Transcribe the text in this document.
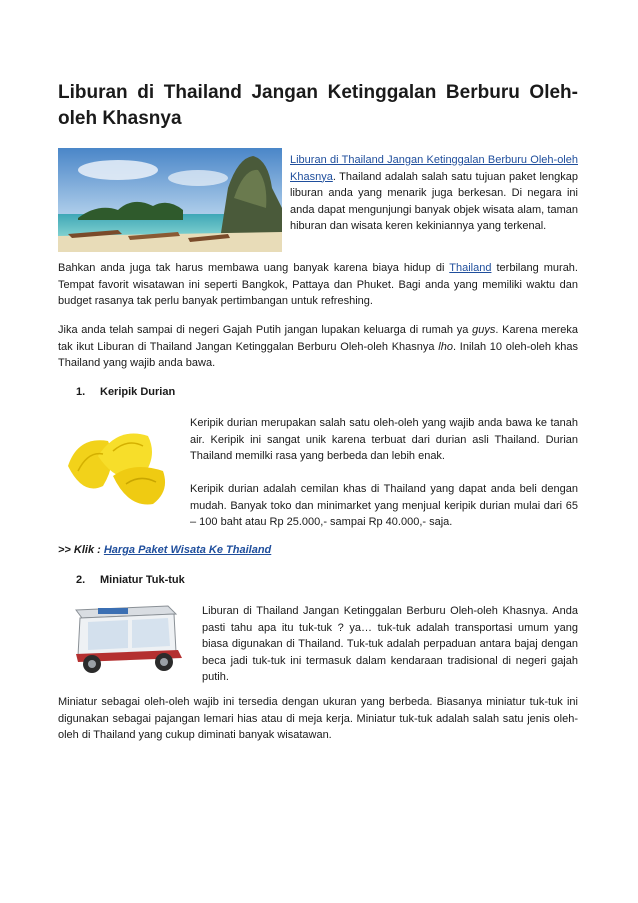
Liburan di Thailand Jangan Ketinggalan Berburu Oleh-oleh Khasnya

Liburan di Thailand Jangan Ketinggalan Berburu Oleh-oleh Khasnya. Thailand adalah salah satu tujuan paket lengkap liburan anda yang menarik juga berkesan. Di negara ini anda dapat mengunjungi banyak objek wisata alam, taman hiburan dan wisata keren kekiniannya yang terkenal.

Bahkan anda juga tak harus membawa uang banyak karena biaya hidup di Thailand terbilang murah. Tempat favorit wisatawan ini seperti Bangkok, Pattaya dan Phuket. Bagi anda yang memiliki waktu dan budget rasanya tak perlu banyak pertimbangan untuk refreshing.

Jika anda telah sampai di negeri Gajah Putih jangan lupakan keluarga di rumah ya guys. Karena mereka tak ikut Liburan di Thailand Jangan Ketinggalan Berburu Oleh-oleh Khasnya lho. Inilah 10 oleh-oleh khas Thailand yang wajib anda bawa.

1. Keripik Durian

Keripik durian merupakan salah satu oleh-oleh yang wajib anda bawa ke tanah air. Keripik ini sangat unik karena terbuat dari durian asli Thailand. Durian Thailand memilki rasa yang berbeda dan lebih enak.

Keripik durian adalah cemilan khas di Thailand yang dapat anda beli dengan mudah. Banyak toko dan minimarket yang menjual keripik durian mulai dari 65 – 100 baht atau Rp 25.000,- sampai Rp 40.000,- saja.

>> Klik : Harga Paket Wisata Ke Thailand
2. Miniatur Tuk-tuk

Liburan di Thailand Jangan Ketinggalan Berburu Oleh-oleh Khasnya. Anda pasti tahu apa itu tuk-tuk ? ya… tuk-tuk adalah transportasi umum yang biasa digunakan di Thailand. Tuk-tuk adalah perpaduan antara bajaj dengan beca jadi tuk-tuk ini termasuk dalam kendaraan tradisional di negeri gajah putih.

Miniatur sebagai oleh-oleh wajib ini tersedia dengan ukuran yang berbeda. Biasanya miniatur tuk-tuk ini digunakan sebagai pajangan lemari hias atau di meja kerja. Miniatur tuk-tuk adalah salah satu jenis oleh-oleh di Thailand yang cukup diminati banyak wisatawan.
